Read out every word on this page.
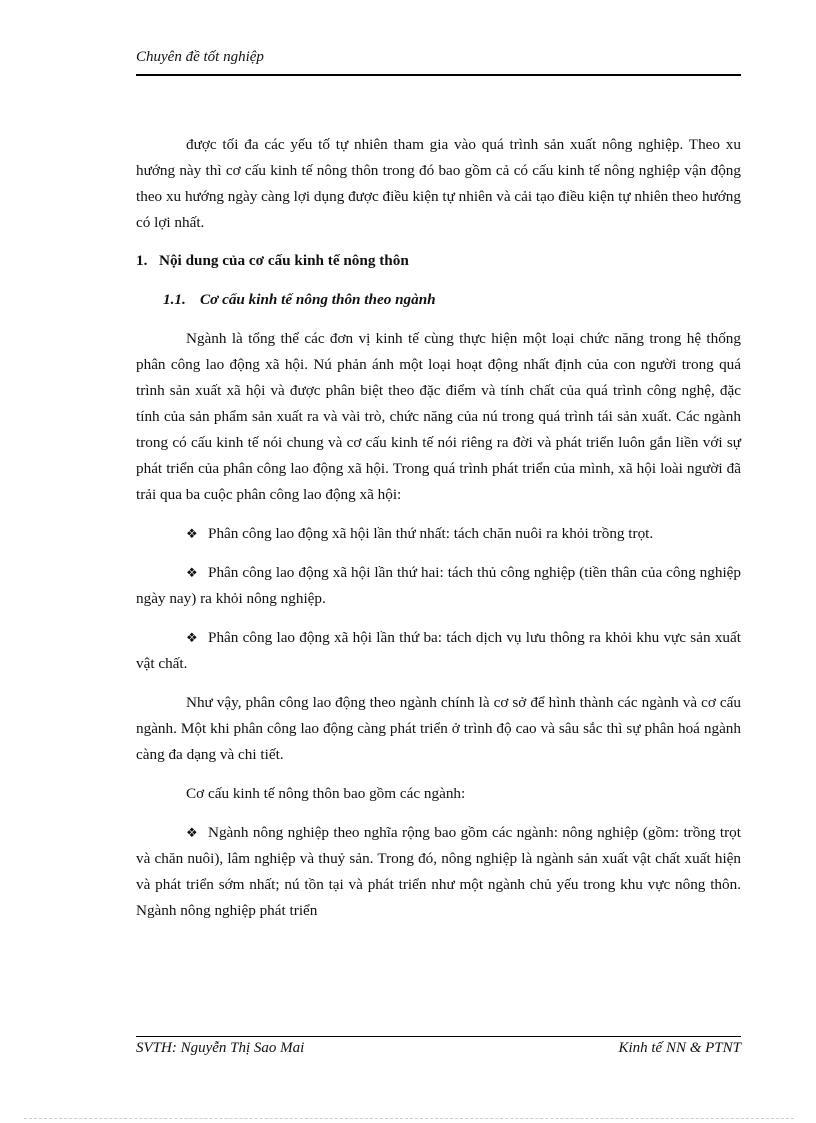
Chuyên đề tốt nghiệp

được tối đa các yếu tố tự nhiên tham gia vào quá trình sản xuất nông nghiệp. Theo xu hướng này thì cơ cấu kinh tế nông thôn trong đó bao gồm cả có cấu kinh tế nông nghiệp vận động theo xu hướng ngày càng lợi dụng được điều kiện tự nhiên và cải tạo điều kiện tự nhiên theo hướng có lợi nhất.

1. Nội dung của cơ cấu kinh tế nông thôn
1.1. Cơ cấu kinh tế nông thôn theo ngành

Ngành là tổng thể các đơn vị kinh tế cùng thực hiện một loại chức năng trong hệ thống phân công lao động xã hội. Nú phản ánh một loại hoạt động nhất định của con người trong quá trình sản xuất xã hội và được phân biệt theo đặc điểm và tính chất của quá trình công nghệ, đặc tính của sản phẩm sản xuất ra và vài trò, chức năng của nú trong quá trình tái sản xuất. Các ngành trong có cấu kinh tế nói chung và cơ cấu kinh tế nói riêng ra đời và phát triển luôn gắn liền với sự phát triển của phân công lao động xã hội. Trong quá trình phát triển của mình, xã hội loài người đã trải qua ba cuộc phân công lao động xã hội:

❖ Phân công lao động xã hội lần thứ nhất: tách chăn nuôi ra khỏi trồng trọt.

❖ Phân công lao động xã hội lần thứ hai: tách thủ công nghiệp (tiền thân của công nghiệp ngày nay) ra khỏi nông nghiệp.

❖ Phân công lao động xã hội lần thứ ba: tách dịch vụ lưu thông ra khỏi khu vực sản xuất vật chất.

Như vậy, phân công lao động theo ngành chính là cơ sở để hình thành các ngành và cơ cấu ngành. Một khi phân công lao động càng phát triển ở trình độ cao và sâu sắc thì sự phân hoá ngành càng đa dạng và chi tiết.

Cơ cấu kinh tế nông thôn bao gồm các ngành:

❖ Ngành nông nghiệp theo nghĩa rộng bao gồm các ngành: nông nghiệp (gồm: trồng trọt và chăn nuôi), lâm nghiệp và thuỷ sản. Trong đó, nông nghiệp là ngành sản xuất vật chất xuất hiện và phát triển sớm nhất; nú tồn tại và phát triển như một ngành chủ yếu trong khu vực nông thôn. Ngành nông nghiệp phát triển

SVTH: Nguyễn Thị Sao Mai	Kinh tế NN & PTNT
